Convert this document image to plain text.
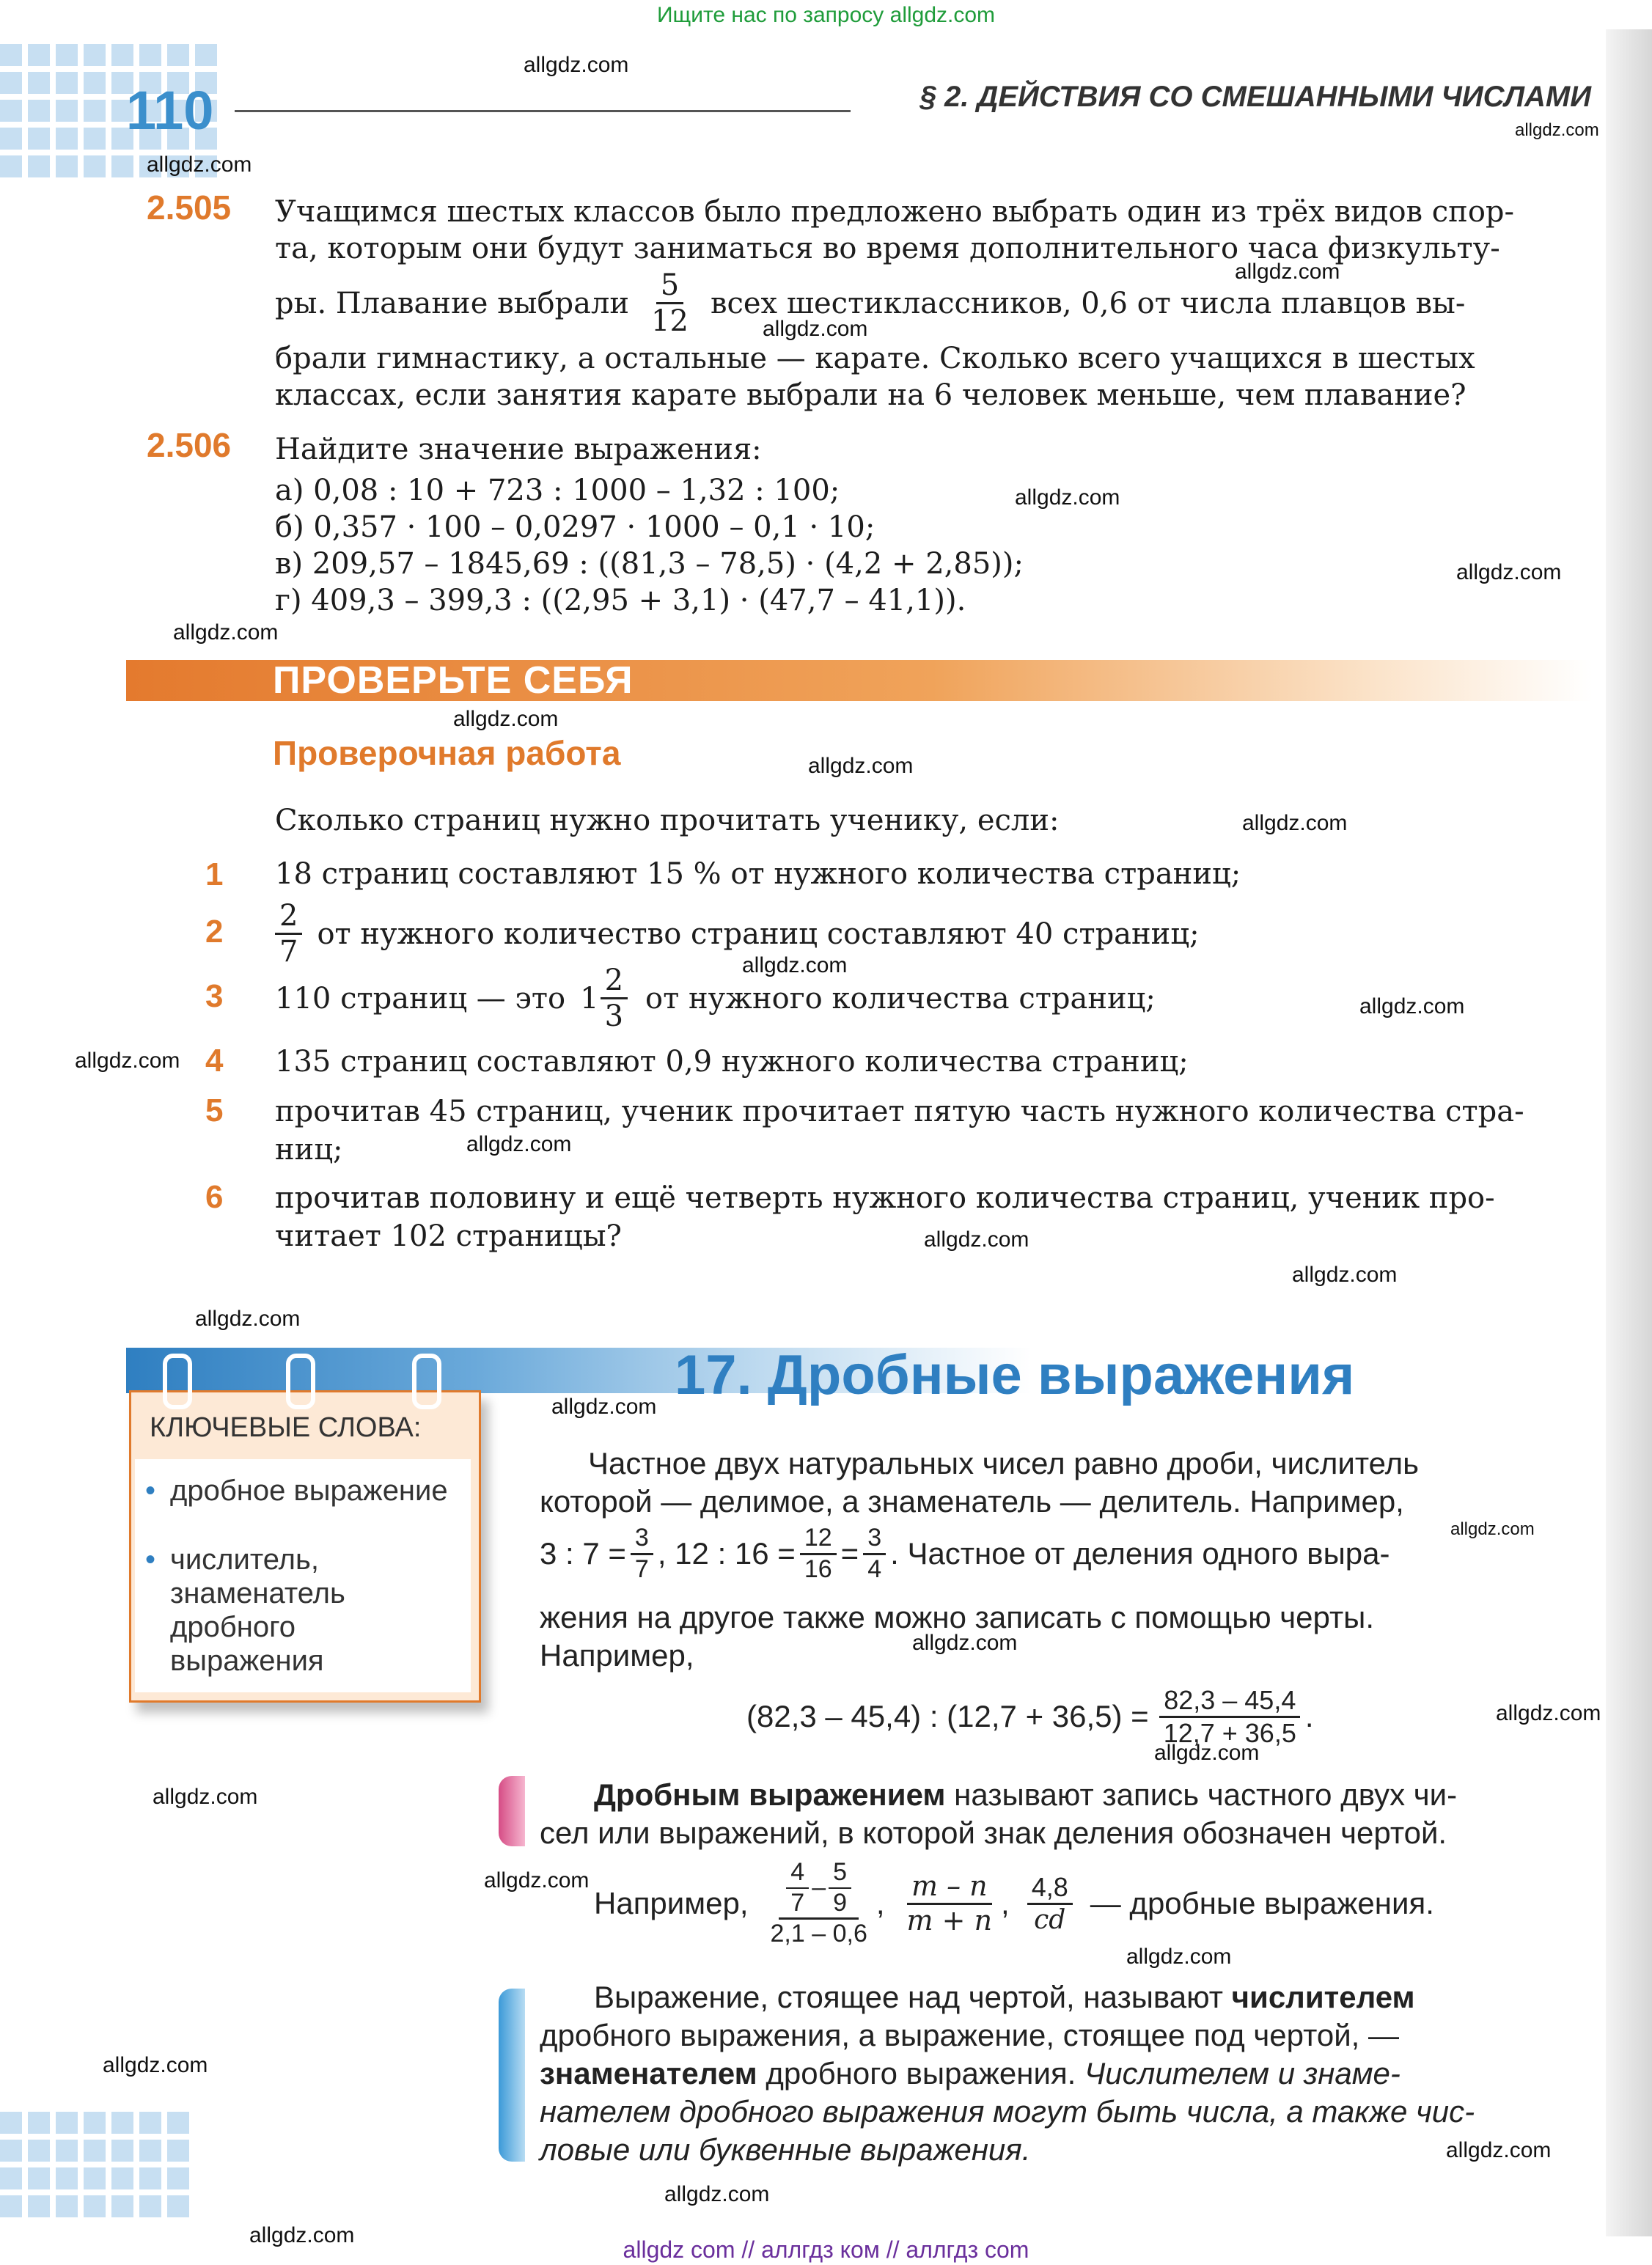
Ищите нас по запросу allgdz.com
110	§ 2. ДЕЙСТВИЯ СО СМЕШАННЫМИ ЧИСЛАМИ
2.505 Учащимся шестых классов было предложено выбрать один из трёх видов спор-
та, которым они будут заниматься во время дополнительного часа физкульту-
ры. Плавание выбрали $\frac{5}{12}$ всех шестиклассников, 0,6 от числа плавцов вы-
брали гимнастику, а остальные — карате. Сколько всего учащихся в шестых
классах, если занятия карате выбрали на 6 человек меньше, чем плавание?
2.506 Найдите значение выражения:
а) 0,08 : 10 + 723 : 1000 – 1,32 : 100;
б) 0,357 · 100 – 0,0297 · 1000 – 0,1 · 10;
в) 209,57 – 1845,69 : ((81,3 – 78,5) · (4,2 + 2,85));
г) 409,3 – 399,3 : ((2,95 + 3,1) · (47,7 – 41,1)).
ПРОВЕРЬТЕ СЕБЯ
Проверочная работа
Сколько страниц нужно прочитать ученику, если:
1 18 страниц составляют 15 % от нужного количества страниц;
$2 \frac{2}{7}$ от нужного количество страниц составляют 40 страниц;
3 110 страниц — это $1 \frac{2}{3}$ от нужного количества страниц;
4 135 страниц составляют 0,9 нужного количества страниц;
5 прочитав 45 страниц, ученик прочитает пятую часть нужного количества стра-
ниц;
6 прочитав половину и ещё четверть нужного количества страниц, ученик про-
читает 102 страницы?
17. Дробные выражения
КЛЮЧЕВЫЕ СЛОВА:
• дробное выражение
• числитель, знаменатель дробного выражения
Частное двух натуральных чисел равно дроби, числитель
которой — делимое, а знаменатель — делитель. Например,
3 : $7 = \frac{3}{7}$ , 12 : $16 = \frac{12}{16} = \frac{3}{4}$ . Частное от деления одного выра-
жения на другое также можно записать с помощью черты.
Например,
(82,3 – 45,4) : $(12,7 + 36,5) = \frac{82,3 - 45,4}{12,7 + 36,5}$ .
Дробным выражением называют запись частного двух чи-
сел или выражений, в которой знак деления обозначен чертой.
Например, $\frac{\frac{4}{7} - \frac{5}{9}}{2,1 - 0,6}$ , $\frac{m - n}{m + n}$ , $\frac{4,8}{cd}$ — дробные выражения.
Выражение, стоящее над чертой, называют числителем
дробного выражения, а выражение, стоящее под чертой, —
знаменателем дробного выражения. Числителем и знаме-
нателем дробного выражения могут быть числа, а также чис-
ловые или буквенные выражения.
allgdz.com
allgdz.com
allgdz.com
allgdz.com
allgdz.com
allgdz.com
allgdz.com
allgdz.com
allgdz.com
allgdz.com
allgdz.com
allgdz.com
allgdz.com
allgdz.com
allgdz.com
allgdz.com
allgdz.com
allgdz.com
allgdz.com
allgdz.com
allgdz.com
allgdz.com
allgdz.com
allgdz.com
allgdz.com
allgdz.com
allgdz.com
allgdz.com
allgdz.com
allgdz.com
allgdz com // аллгдз ком // аллгдз com
